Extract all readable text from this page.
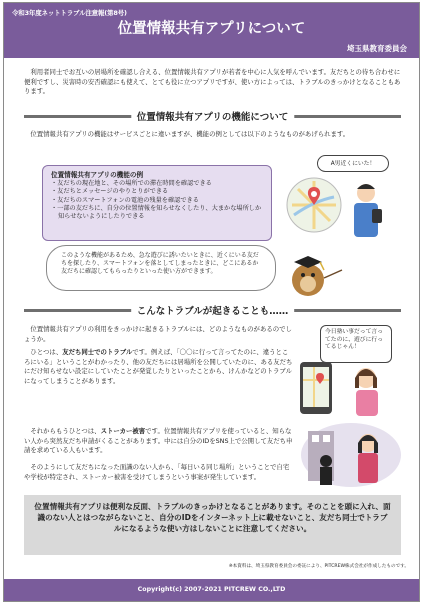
令和3年度ネットトラブル注意報(第8号)
位置情報共有アプリについて
埼玉県教育委員会
利用者同士でお互いの居場所を確認し合える、位置情報共有アプリが若者を中心に人気を呼んでいます。友だちとの待ち合わせに便利ですし、災害時の安否確認にも使えて、とても役に立つアプリですが、使い方によっては、トラブルのきっかけとなることもあります。
位置情報共有アプリの機能について
位置情報共有アプリの機能はサービスごとに違いますが、機能の例としては以下のようなものがあげられます。
位置情報共有アプリの機能の例
・友だちの現在地と、その場所での滞在時間を確認できる
・友だちとメッセージのやりとりができる
・友だちのスマートフォンの電池の残量を確認できる
・一部の友だちに、自分の位置情報を知らせなくしたり、大まかな場所しか知らせないようにしたりできる
A男近くにいた！
このような機能があるため、急な遊びに誘いたいときに、近くにいる友だちを探したり、スマートフォンを落としてしまったときに、どこにあるか友だちに確認してもらったりといった使い方ができます。
こんなトラブルが起きることも……
位置情報共有アプリの利用をきっかけに起きるトラブルには、どのようなものがあるのでしょうか。
ひとつは、友だち同士でのトラブルです。例えば、「〇〇に行って言ってたのに、違うところにいる」ということがわかったり、他の友だちには居場所を公開していたのに、ある友だちにだけ知らせない設定にしていたことが発覚したりといったことから、けんかなどのトラブルになってしまうことがあります。
今日塾い事だって言ってたのに、遊びに行ってるじゃん！
それからもうひとつは、ストーカー被害です。位置情報共有アプリを使っていると、知らない人から突然友だち申請がくることがあります。中には自分のIDをSNS上で公開して友だち申請を求めている人もいます。
そのようにして友だちになった面識のない人から、「毎日いる同じ場所」ということで自宅や学校が特定され、ストーカー被害を受けてしまうという事案が発生しています。
位置情報共有アプリは便利な反面、トラブルのきっかけとなることがあります。そのことを頭に入れ、面識のない人とはつながらないこと、自分のIDをインターネット上に載せないこと、友だち同士でトラブルになるような使い方はしないことに注意してください。
※本資料は、埼玉県教育委員会の委託により、PITCREW株式会社が作成したものです。
Copyright(c) 2007-2021 PITCREW CO.,LTD
